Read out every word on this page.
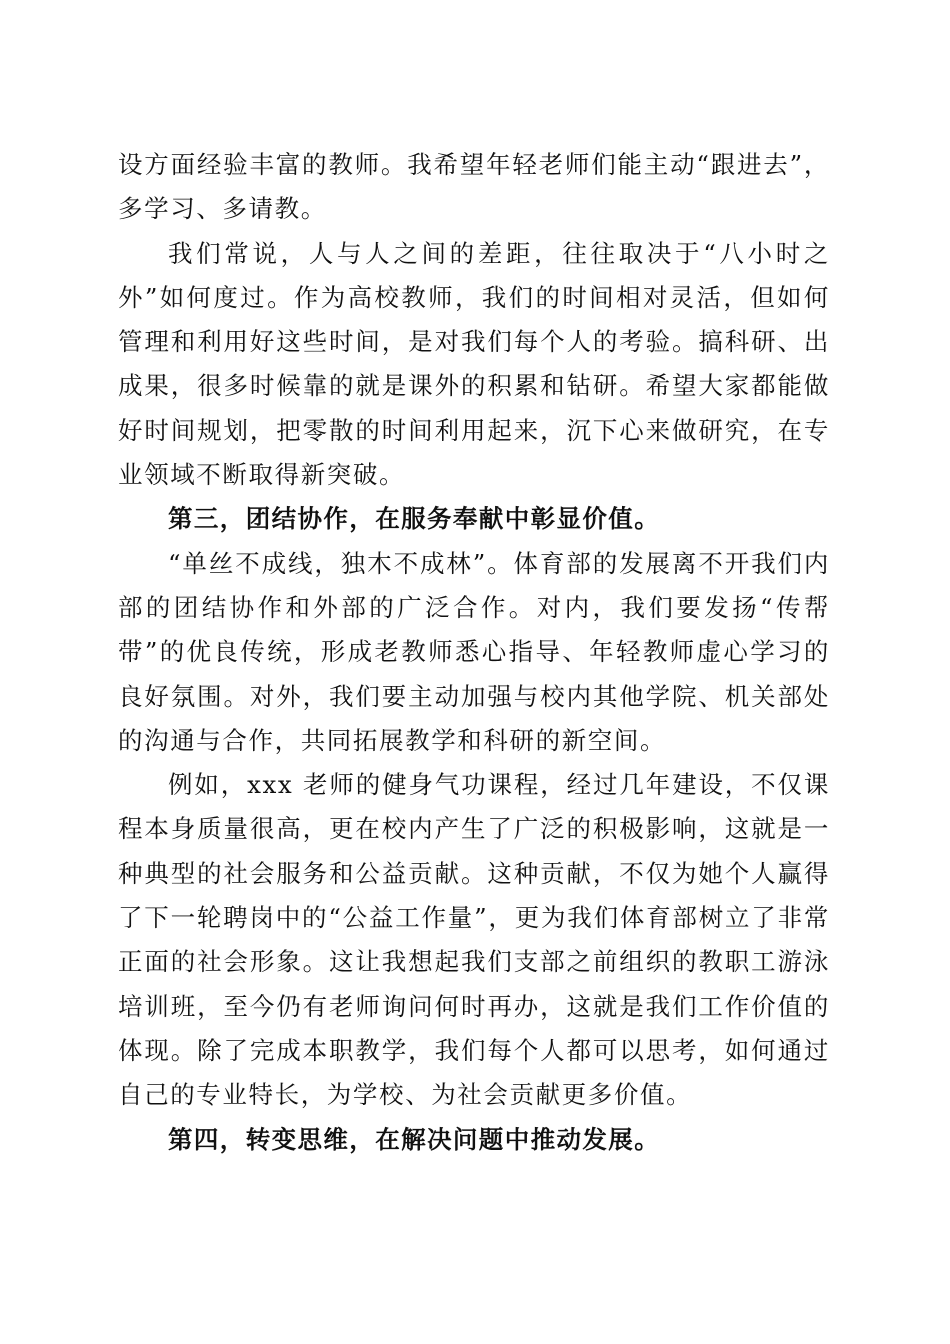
设方面经验丰富的教师。我希望年轻老师们能主动“跟进去”，多学习、多请教。

我们常说，人与人之间的差距，往往取决于“八小时之外”如何度过。作为高校教师，我们的时间相对灵活，但如何管理和利用好这些时间，是对我们每个人的考验。搞科研、出成果，很多时候靠的就是课外的积累和钻研。希望大家都能做好时间规划，把零散的时间利用起来，沉下心来做研究，在专业领域不断取得新突破。

第三，团结协作，在服务奉献中彰显价值。

“单丝不成线，独木不成林”。体育部的发展离不开我们内部的团结协作和外部的广泛合作。对内，我们要发扬“传帮带”的优良传统，形成老教师悉心指导、年轻教师虚心学习的良好氛围。对外，我们要主动加强与校内其他学院、机关部处的沟通与合作，共同拓展教学和科研的新空间。

例如，xxx 老师的健身气功课程，经过几年建设，不仅课程本身质量很高，更在校内产生了广泛的积极影响，这就是一种典型的社会服务和公益贡献。这种贡献，不仅为她个人赢得了下一轮聘岗中的“公益工作量”，更为我们体育部树立了非常正面的社会形象。这让我想起我们支部之前组织的教职工游泳培训班，至今仍有老师询问何时再办，这就是我们工作价值的体现。除了完成本职教学，我们每个人都可以思考，如何通过自己的专业特长，为学校、为社会贡献更多价值。

第四，转变思维，在解决问题中推动发展。
